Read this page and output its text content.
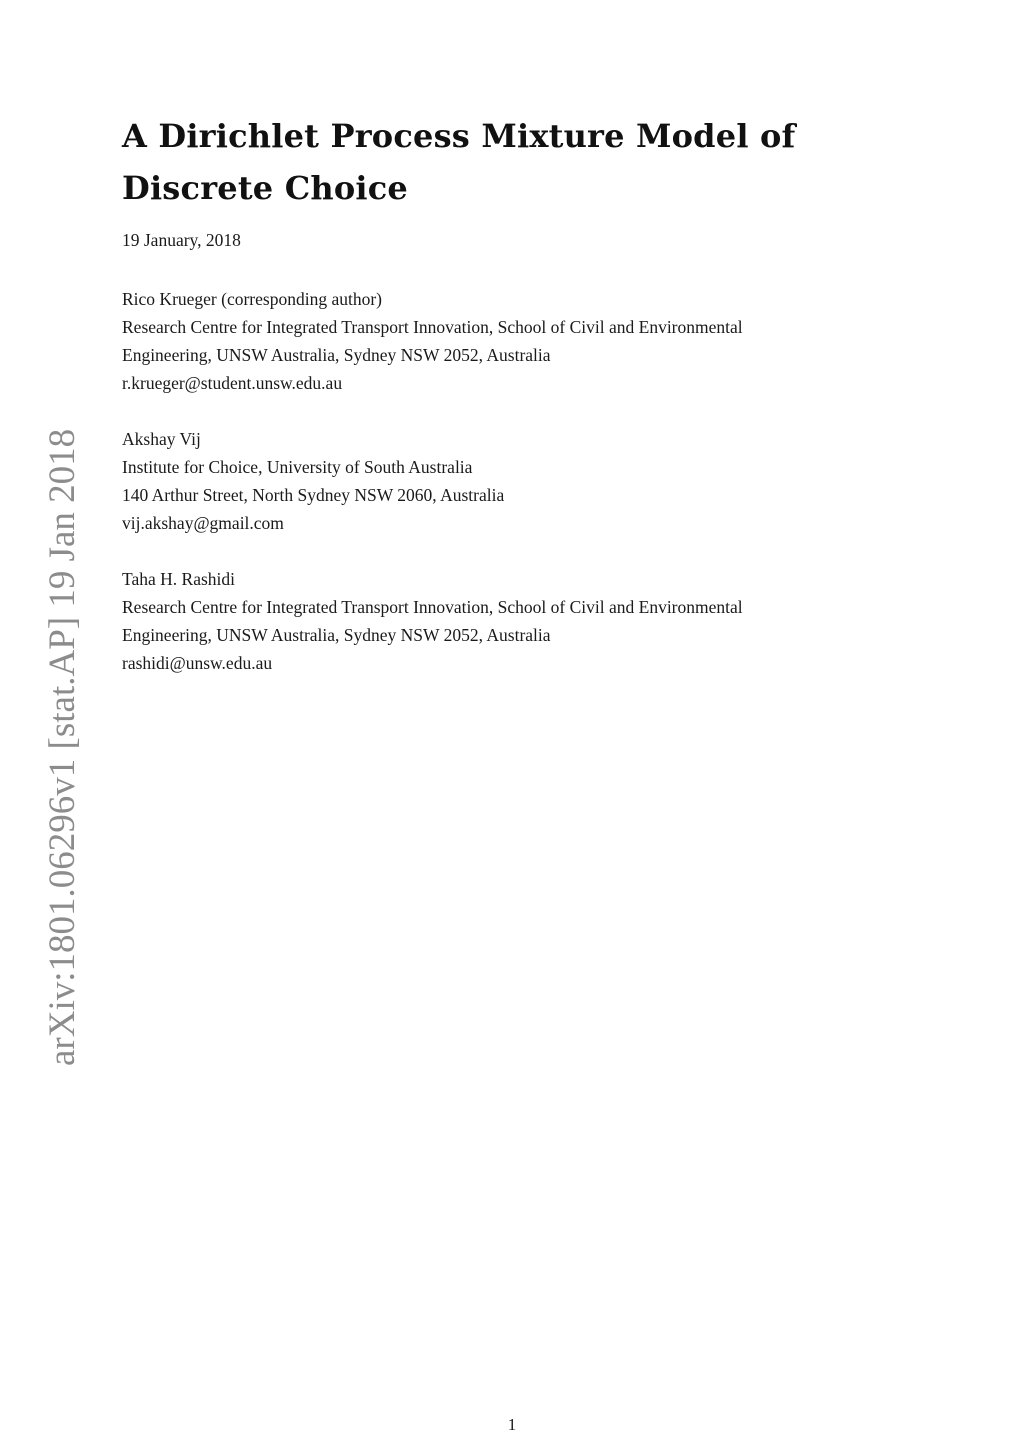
A Dirichlet Process Mixture Model of
Discrete Choice

19 January, 2018

Rico Krueger (corresponding author)
Research Centre for Integrated Transport Innovation, School of Civil and Environmental
Engineering, UNSW Australia, Sydney NSW 2052, Australia
r.krueger@student.unsw.edu.au
Akshay Vij
Institute for Choice, University of South Australia
140 Arthur Street, North Sydney NSW 2060, Australia
vij.akshay@gmail.com
Taha H. Rashidi
Research Centre for Integrated Transport Innovation, School of Civil and Environmental
Engineering, UNSW Australia, Sydney NSW 2052, Australia
rashidi@unsw.edu.au
arXiv:1801.06296v1 [stat.AP] 19 Jan 2018
1
